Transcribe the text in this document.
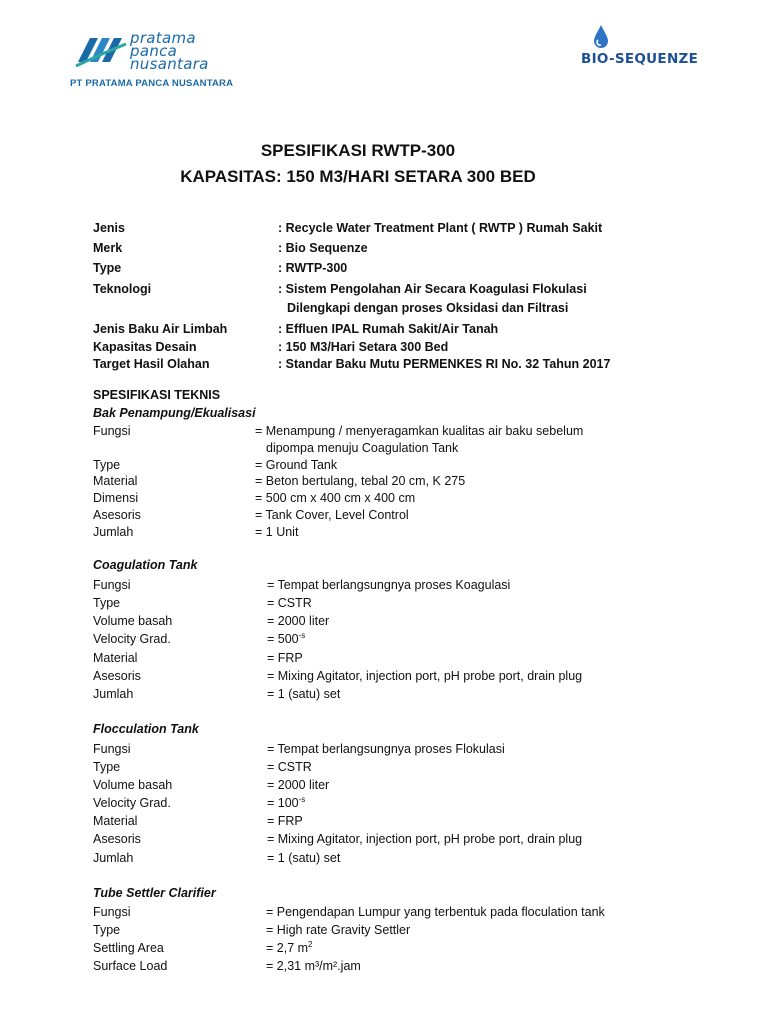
pratama
panca
nusantara
PT PRATAMA PANCA NUSANTARA
BIO-SEQUENZE
SPESIFIKASI RWTP-300
KAPASITAS: 150 M3/HARI SETARA 300 BED
Jenis	: Recycle Water Treatment Plant ( RWTP ) Rumah Sakit
Merk	: Bio Sequenze
Type	: RWTP-300
Teknologi	: Sistem Pengolahan Air Secara Koagulasi Flokulasi
Dilengkapi dengan proses Oksidasi dan Filtrasi
Jenis Baku Air Limbah	: Effluen IPAL Rumah Sakit/Air Tanah
Kapasitas Desain	: 150 M3/Hari Setara 300 Bed
Target Hasil Olahan	: Standar Baku Mutu PERMENKES RI No. 32 Tahun 2017
SPESIFIKASI TEKNIS
Bak Penampung/Ekualisasi
Fungsi	= Menampung / menyeragamkan kualitas air baku sebelum
dipompa menuju Coagulation Tank
Type	= Ground Tank
Material	= Beton bertulang, tebal 20 cm, K 275
Dimensi	= 500 cm x 400 cm x 400 cm
Asesoris	= Tank Cover, Level Control
Jumlah	= 1 Unit
Coagulation Tank
Fungsi	= Tempat berlangsungnya proses Koagulasi
Type	= CSTR
Volume basah	= 2000 liter
Velocity Grad.	= $500^{-s}$
Material	= FRP
Asesoris	= Mixing Agitator, injection port, pH probe port, drain plug
Jumlah	= 1 (satu) set
Flocculation Tank
Fungsi	= Tempat berlangsungnya proses Flokulasi
Type	= CSTR
Volume basah	= 2000 liter
Velocity Grad.	= $100^{-s}$
Material	= FRP
Asesoris	= Mixing Agitator, injection port, pH probe port, drain plug
Jumlah	= 1 (satu) set
Tube Settler Clarifier
Fungsi	= Pengendapan Lumpur yang terbentuk pada floculation tank
Type	= High rate Gravity Settler
Settling Area	= 2,7 $m^2$
Surface Load	= 2,31 m³/m².jam
